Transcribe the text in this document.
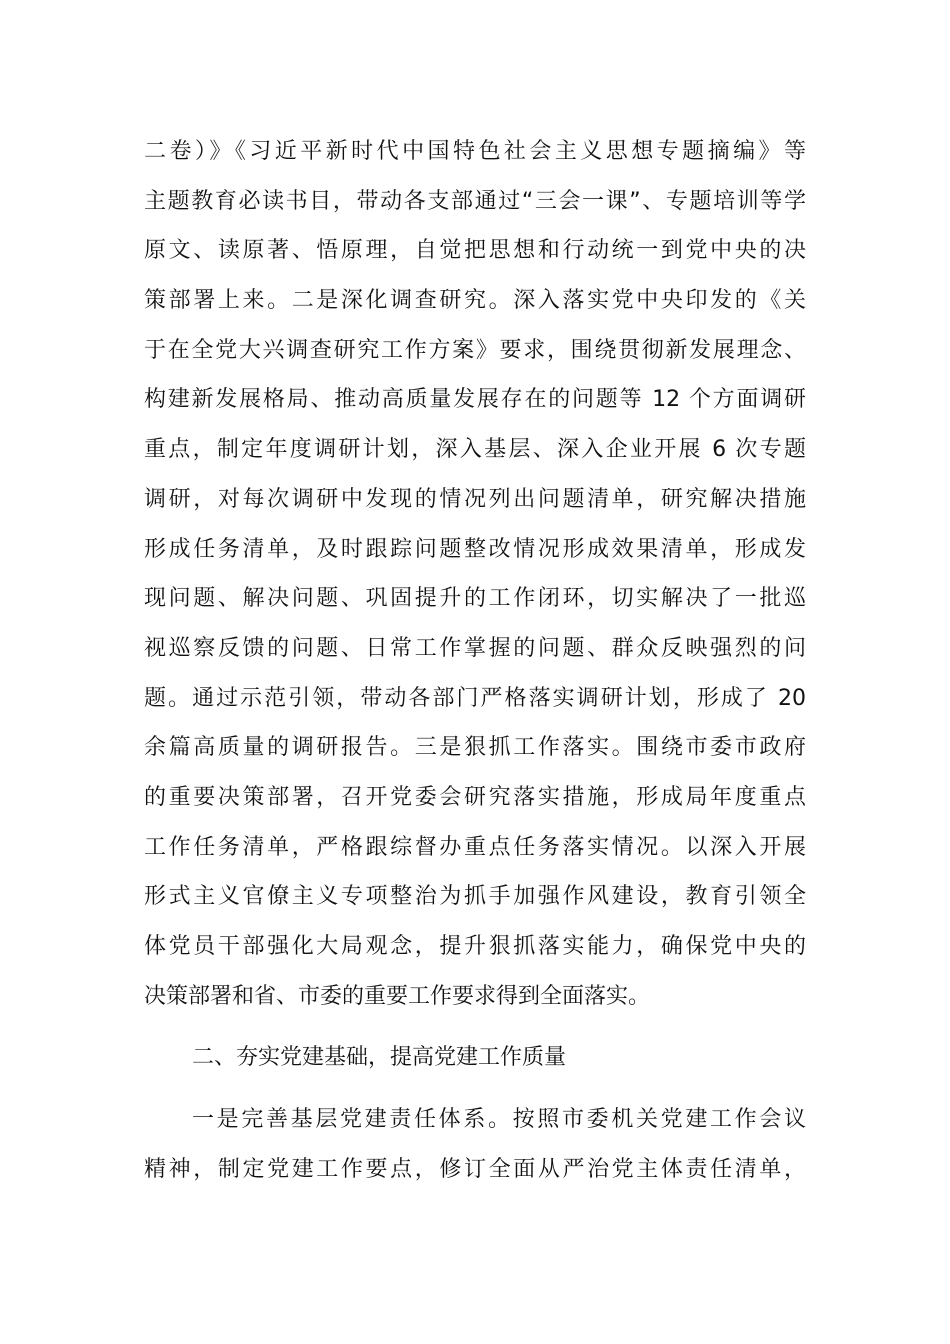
二卷）》《习近平新时代中国特色社会主义思想专题摘编》等
主题教育必读书目，带动各支部通过“三会一课”、专题培训等学
原文、读原著、悟原理，自觉把思想和行动统一到党中央的决
策部署上来。二是深化调查研究。深入落实党中央印发的《关
于在全党大兴调查研究工作方案》要求，围绕贯彻新发展理念、
构建新发展格局、推动高质量发展存在的问题等 12 个方面调研
重点，制定年度调研计划，深入基层、深入企业开展 6 次专题
调研，对每次调研中发现的情况列出问题清单，研究解决措施
形成任务清单，及时跟踪问题整改情况形成效果清单，形成发
现问题、解决问题、巩固提升的工作闭环，切实解决了一批巡
视巡察反馈的问题、日常工作掌握的问题、群众反映强烈的问
题。通过示范引领，带动各部门严格落实调研计划，形成了 20
余篇高质量的调研报告。三是狠抓工作落实。围绕市委市政府
的重要决策部署，召开党委会研究落实措施，形成局年度重点
工作任务清单，严格跟综督办重点任务落实情况。以深入开展
形式主义官僚主义专项整治为抓手加强作风建设，教育引领全
体党员干部强化大局观念，提升狠抓落实能力，确保党中央的
决策部署和省、市委的重要工作要求得到全面落实。
二、夯实党建基础，提高党建工作质量
一是完善基层党建责任体系。按照市委机关党建工作会议
精神，制定党建工作要点，修订全面从严治党主体责任清单，
